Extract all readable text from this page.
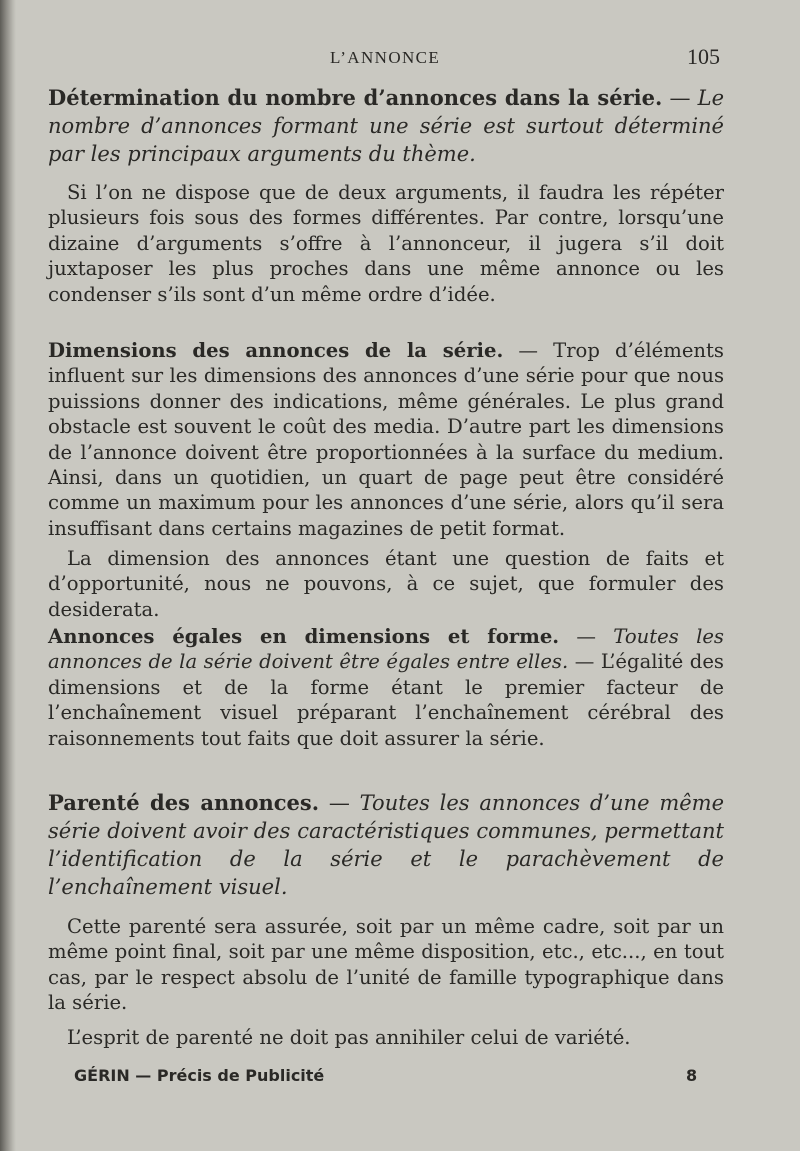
L’ANNONCE	105

Détermination du nombre d’annonces dans la série. — Le nombre d’annonces formant une série est surtout déterminé par les principaux arguments du thème.

Si l’on ne dispose que de deux arguments, il faudra les répéter plusieurs fois sous des formes différentes. Par contre, lorsqu’une dizaine d’arguments s’offre à l’annonceur, il jugera s’il doit juxtaposer les plus proches dans une même annonce ou les condenser s’ils sont d’un même ordre d’idée.

Dimensions des annonces de la série. — Trop d’éléments influent sur les dimensions des annonces d’une série pour que nous puissions donner des indications, même générales. Le plus grand obstacle est souvent le coût des media. D’autre part les dimensions de l’annonce doivent être proportionnées à la surface du medium. Ainsi, dans un quotidien, un quart de page peut être considéré comme un maximum pour les annonces d’une série, alors qu’il sera insuffisant dans certains magazines de petit format.

La dimension des annonces étant une question de faits et d’opportunité, nous ne pouvons, à ce sujet, que formuler des desiderata.

Annonces égales en dimensions et forme. — Toutes les annonces de la série doivent être égales entre elles. — L’égalité des dimensions et de la forme étant le premier facteur de l’enchaînement visuel préparant l’enchaînement cérébral des raisonnements tout faits que doit assurer la série.

Parenté des annonces. — Toutes les annonces d’une même série doivent avoir des caractéristiques communes, permettant l’identification de la série et le parachèvement de l’enchaînement visuel.

Cette parenté sera assurée, soit par un même cadre, soit par un même point final, soit par une même disposition, etc., etc..., en tout cas, par le respect absolu de l’unité de famille typographique dans la série.

L’esprit de parenté ne doit pas annihiler celui de variété.

GÉRIN — Précis de Publicité	8
